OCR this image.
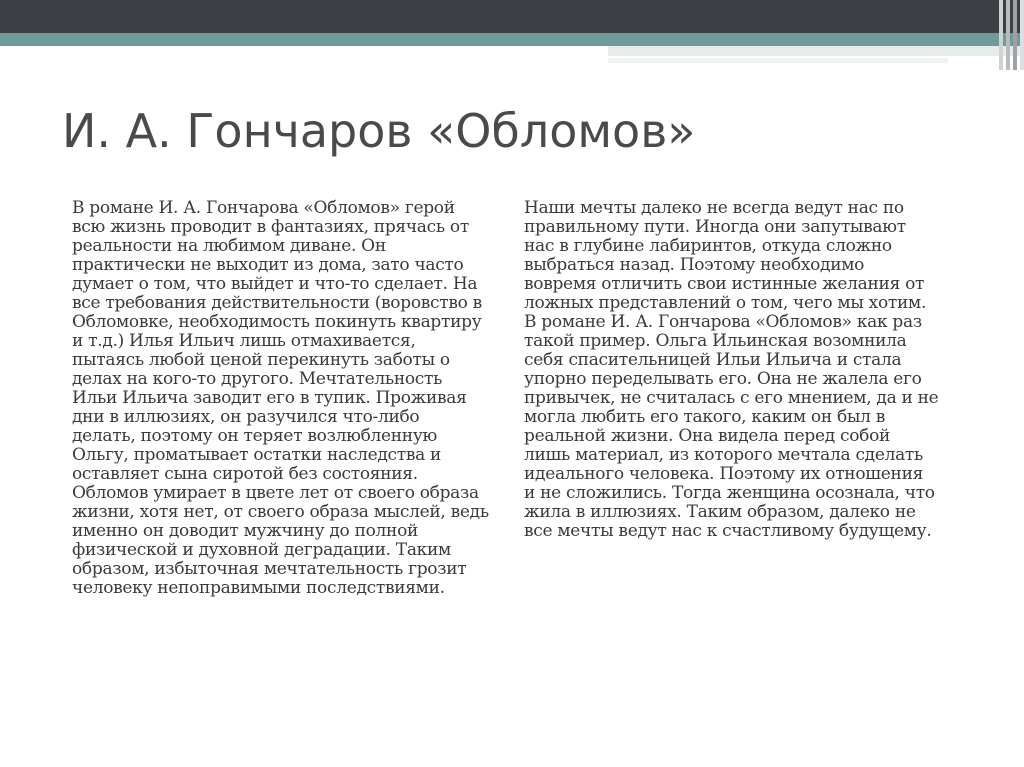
И. А. Гончаров «Обломов»

В романе И. А. Гончарова «Обломов» герой

всю жизнь проводит в фантазиях, прячась от

реальности на любимом диване. Он

практически не выходит из дома, зато часто

думает о том, что выйдет и что-то сделает. На

все требования действительности (воровство в

Обломовке, необходимость покинуть квартиру

и т.д.) Илья Ильич лишь отмахивается,

пытаясь любой ценой перекинуть заботы о

делах на кого-то другого. Мечтательность

Ильи Ильича заводит его в тупик. Проживая

дни в иллюзиях, он разучился что-либо

делать, поэтому он теряет возлюбленную

Ольгу, проматывает остатки наследства и

оставляет сына сиротой без состояния.

Обломов умирает в цвете лет от своего образа

жизни, хотя нет, от своего образа мыслей, ведь

именно он доводит мужчину до полной

физической и духовной деградации. Таким

образом, избыточная мечтательность грозит

человеку непоправимыми последствиями.

Наши мечты далеко не всегда ведут нас по

правильному пути. Иногда они запутывают

нас в глубине лабиринтов, откуда сложно

выбраться назад. Поэтому необходимо

вовремя отличить свои истинные желания от

ложных представлений о том, чего мы хотим.

В романе И. А. Гончарова «Обломов» как раз

такой пример. Ольга Ильинская возомнила

себя спасительницей Ильи Ильича и стала

упорно переделывать его. Она не жалела его

привычек, не считалась с его мнением, да и не

могла любить его такого, каким он был в

реальной жизни. Она видела перед собой

лишь материал, из которого мечтала сделать

идеального человека. Поэтому их отношения

и не сложились. Тогда женщина осознала, что

жила в иллюзиях. Таким образом, далеко не

все мечты ведут нас к счастливому будущему.
